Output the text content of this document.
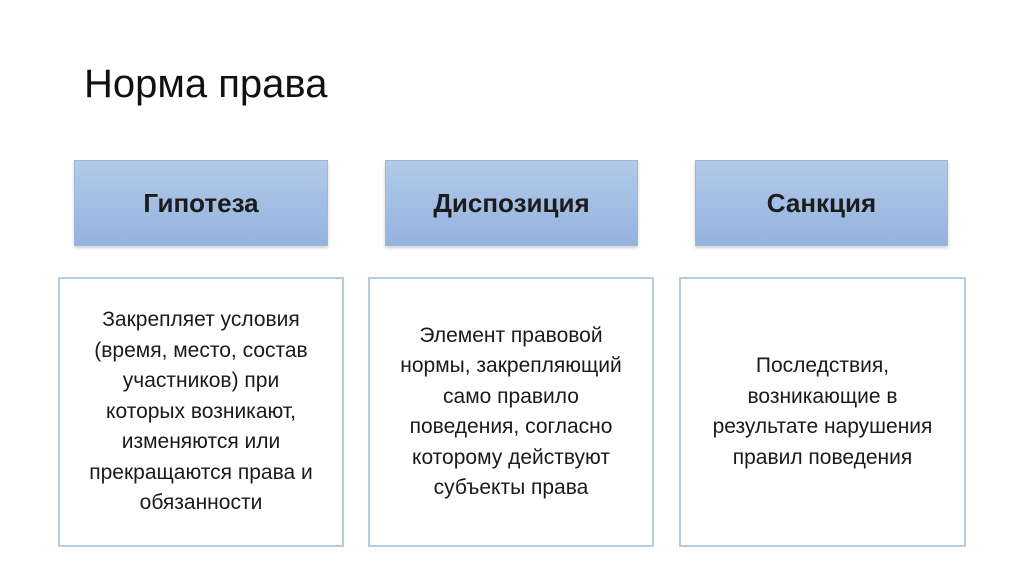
Норма права
Гипотеза	Диспозиция	Санкция
Закрепляет условия
(время, место, состав
участников) при
которых возникают,
изменяются или
прекращаются права и
обязанности
Элемент правовой
нормы, закрепляющий
само правило
поведения, согласно
которому действуют
субъекты права
Последствия,
возникающие в
результате нарушения
правил поведения
